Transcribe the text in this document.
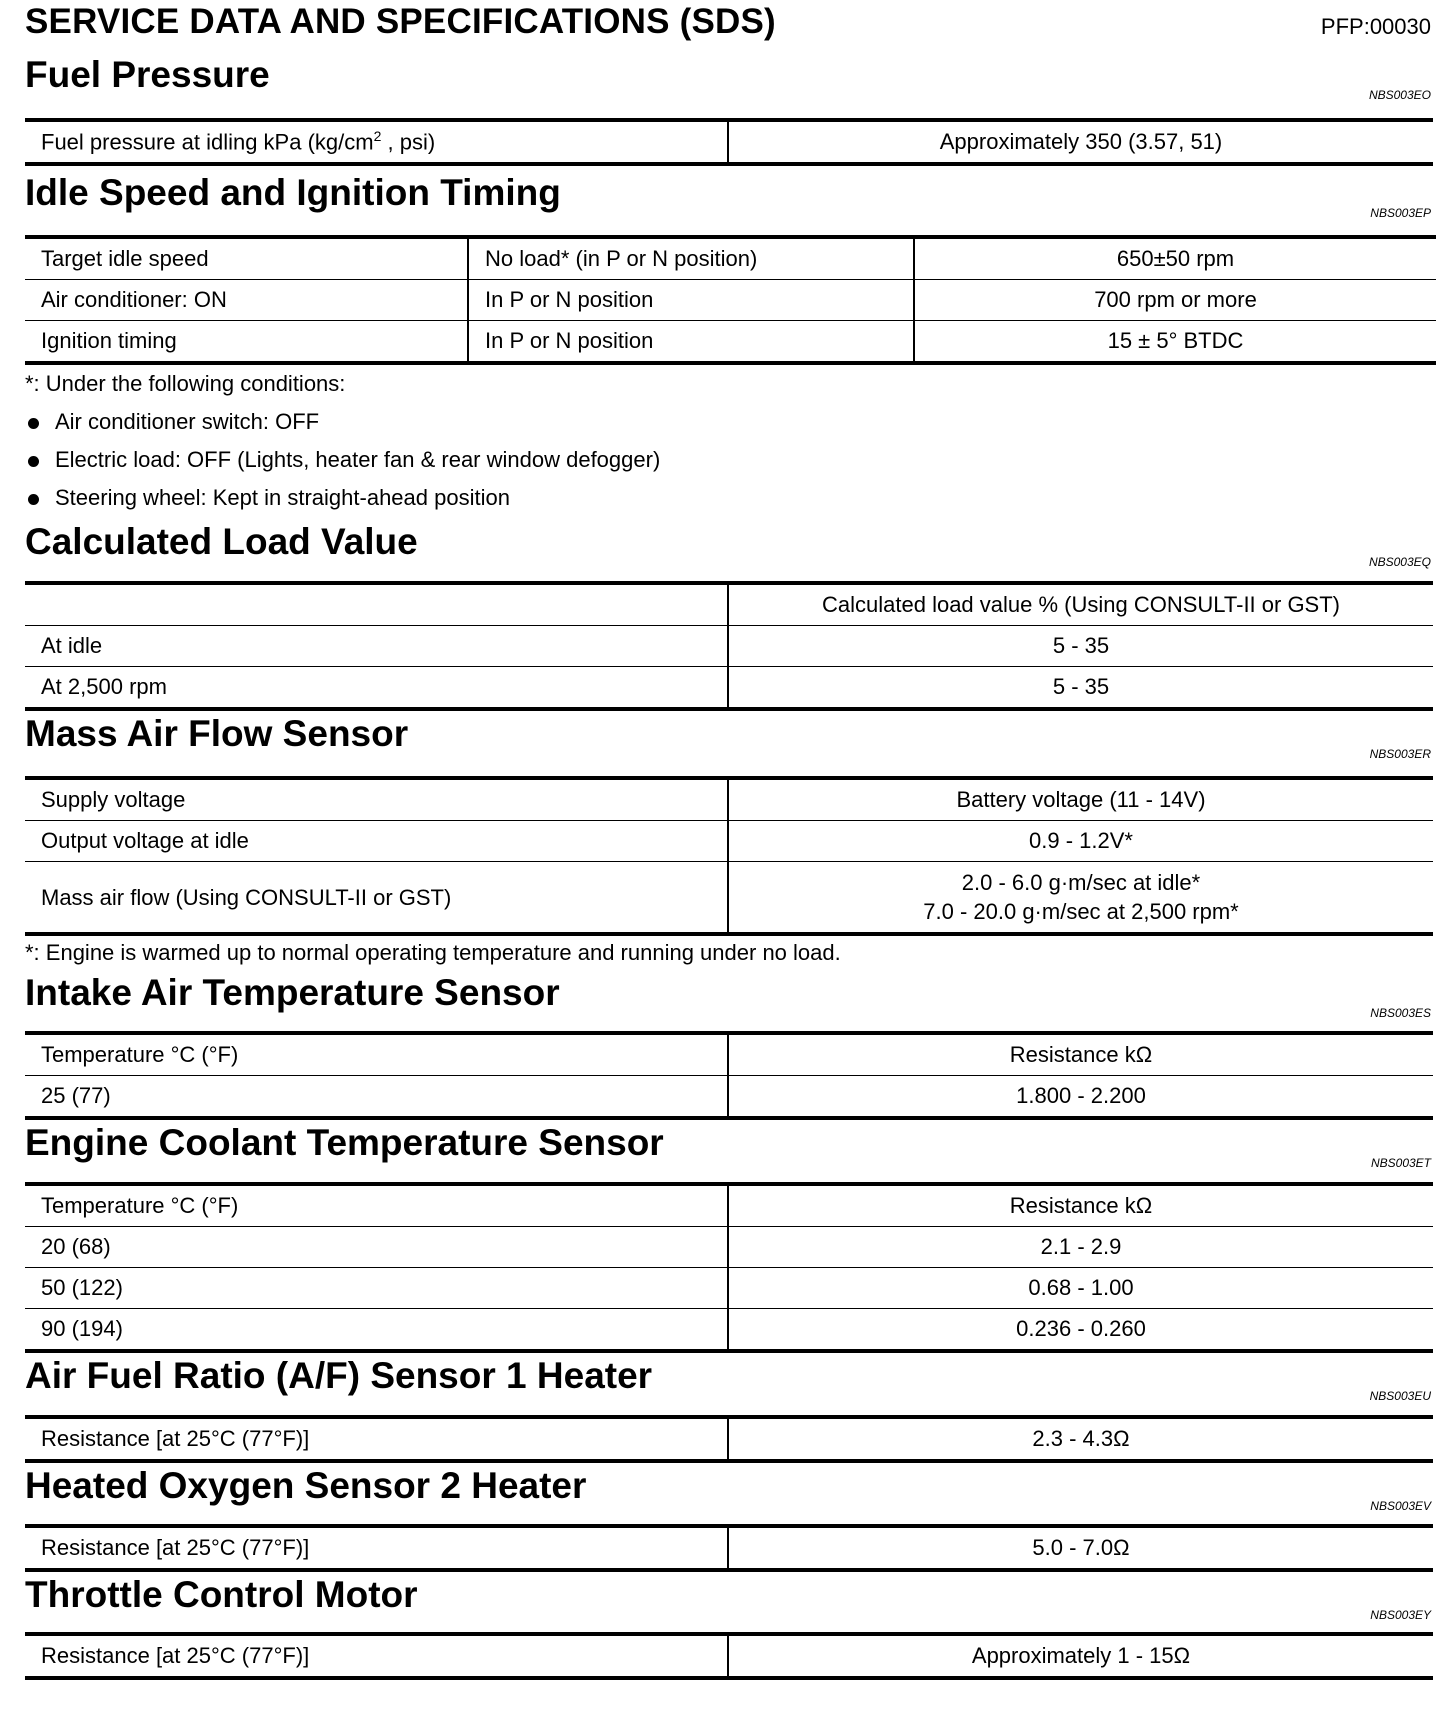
SERVICE DATA AND SPECIFICATIONS (SDS)	PFP:00030
Fuel Pressure	NBS003EO
Fuel pressure at idling kPa ($kg/cm^2$ , psi)	Approximately 350 (3.57, 51)
Idle Speed and Ignition Timing	NBS003EP
Target idle speed	No load* (in P or N position)	650±50 rpm
Air conditioner: ON	In P or N position	700 rpm or more
Ignition timing	In P or N position	15 ± 5° BTDC
*: Under the following conditions:
Air conditioner switch: OFF
Electric load: OFF (Lights, heater fan & rear window defogger)
Steering wheel: Kept in straight-ahead position
Calculated Load Value	NBS003EQ
	Calculated load value % (Using CONSULT-II or GST)
At idle	5 - 35
At 2,500 rpm	5 - 35
Mass Air Flow Sensor	NBS003ER
Supply voltage	Battery voltage (11 - 14V)
Output voltage at idle	0.9 - 1.2V*
Mass air flow (Using CONSULT-II or GST)	2.0 - 6.0 g·m/sec at idle*
7.0 - 20.0 g·m/sec at 2,500 rpm*
*: Engine is warmed up to normal operating temperature and running under no load.
Intake Air Temperature Sensor	NBS003ES
Temperature °C (°F)	Resistance kΩ
25 (77)	1.800 - 2.200
Engine Coolant Temperature Sensor	NBS003ET
Temperature °C (°F)	Resistance kΩ
20 (68)	2.1 - 2.9
50 (122)	0.68 - 1.00
90 (194)	0.236 - 0.260
Air Fuel Ratio (A/F) Sensor 1 Heater	NBS003EU
Resistance [at 25°C (77°F)]	2.3 - 4.3Ω
Heated Oxygen Sensor 2 Heater	NBS003EV
Resistance [at 25°C (77°F)]	5.0 - 7.0Ω
Throttle Control Motor	NBS003EY
Resistance [at 25°C (77°F)]	Approximately 1 - 15Ω
